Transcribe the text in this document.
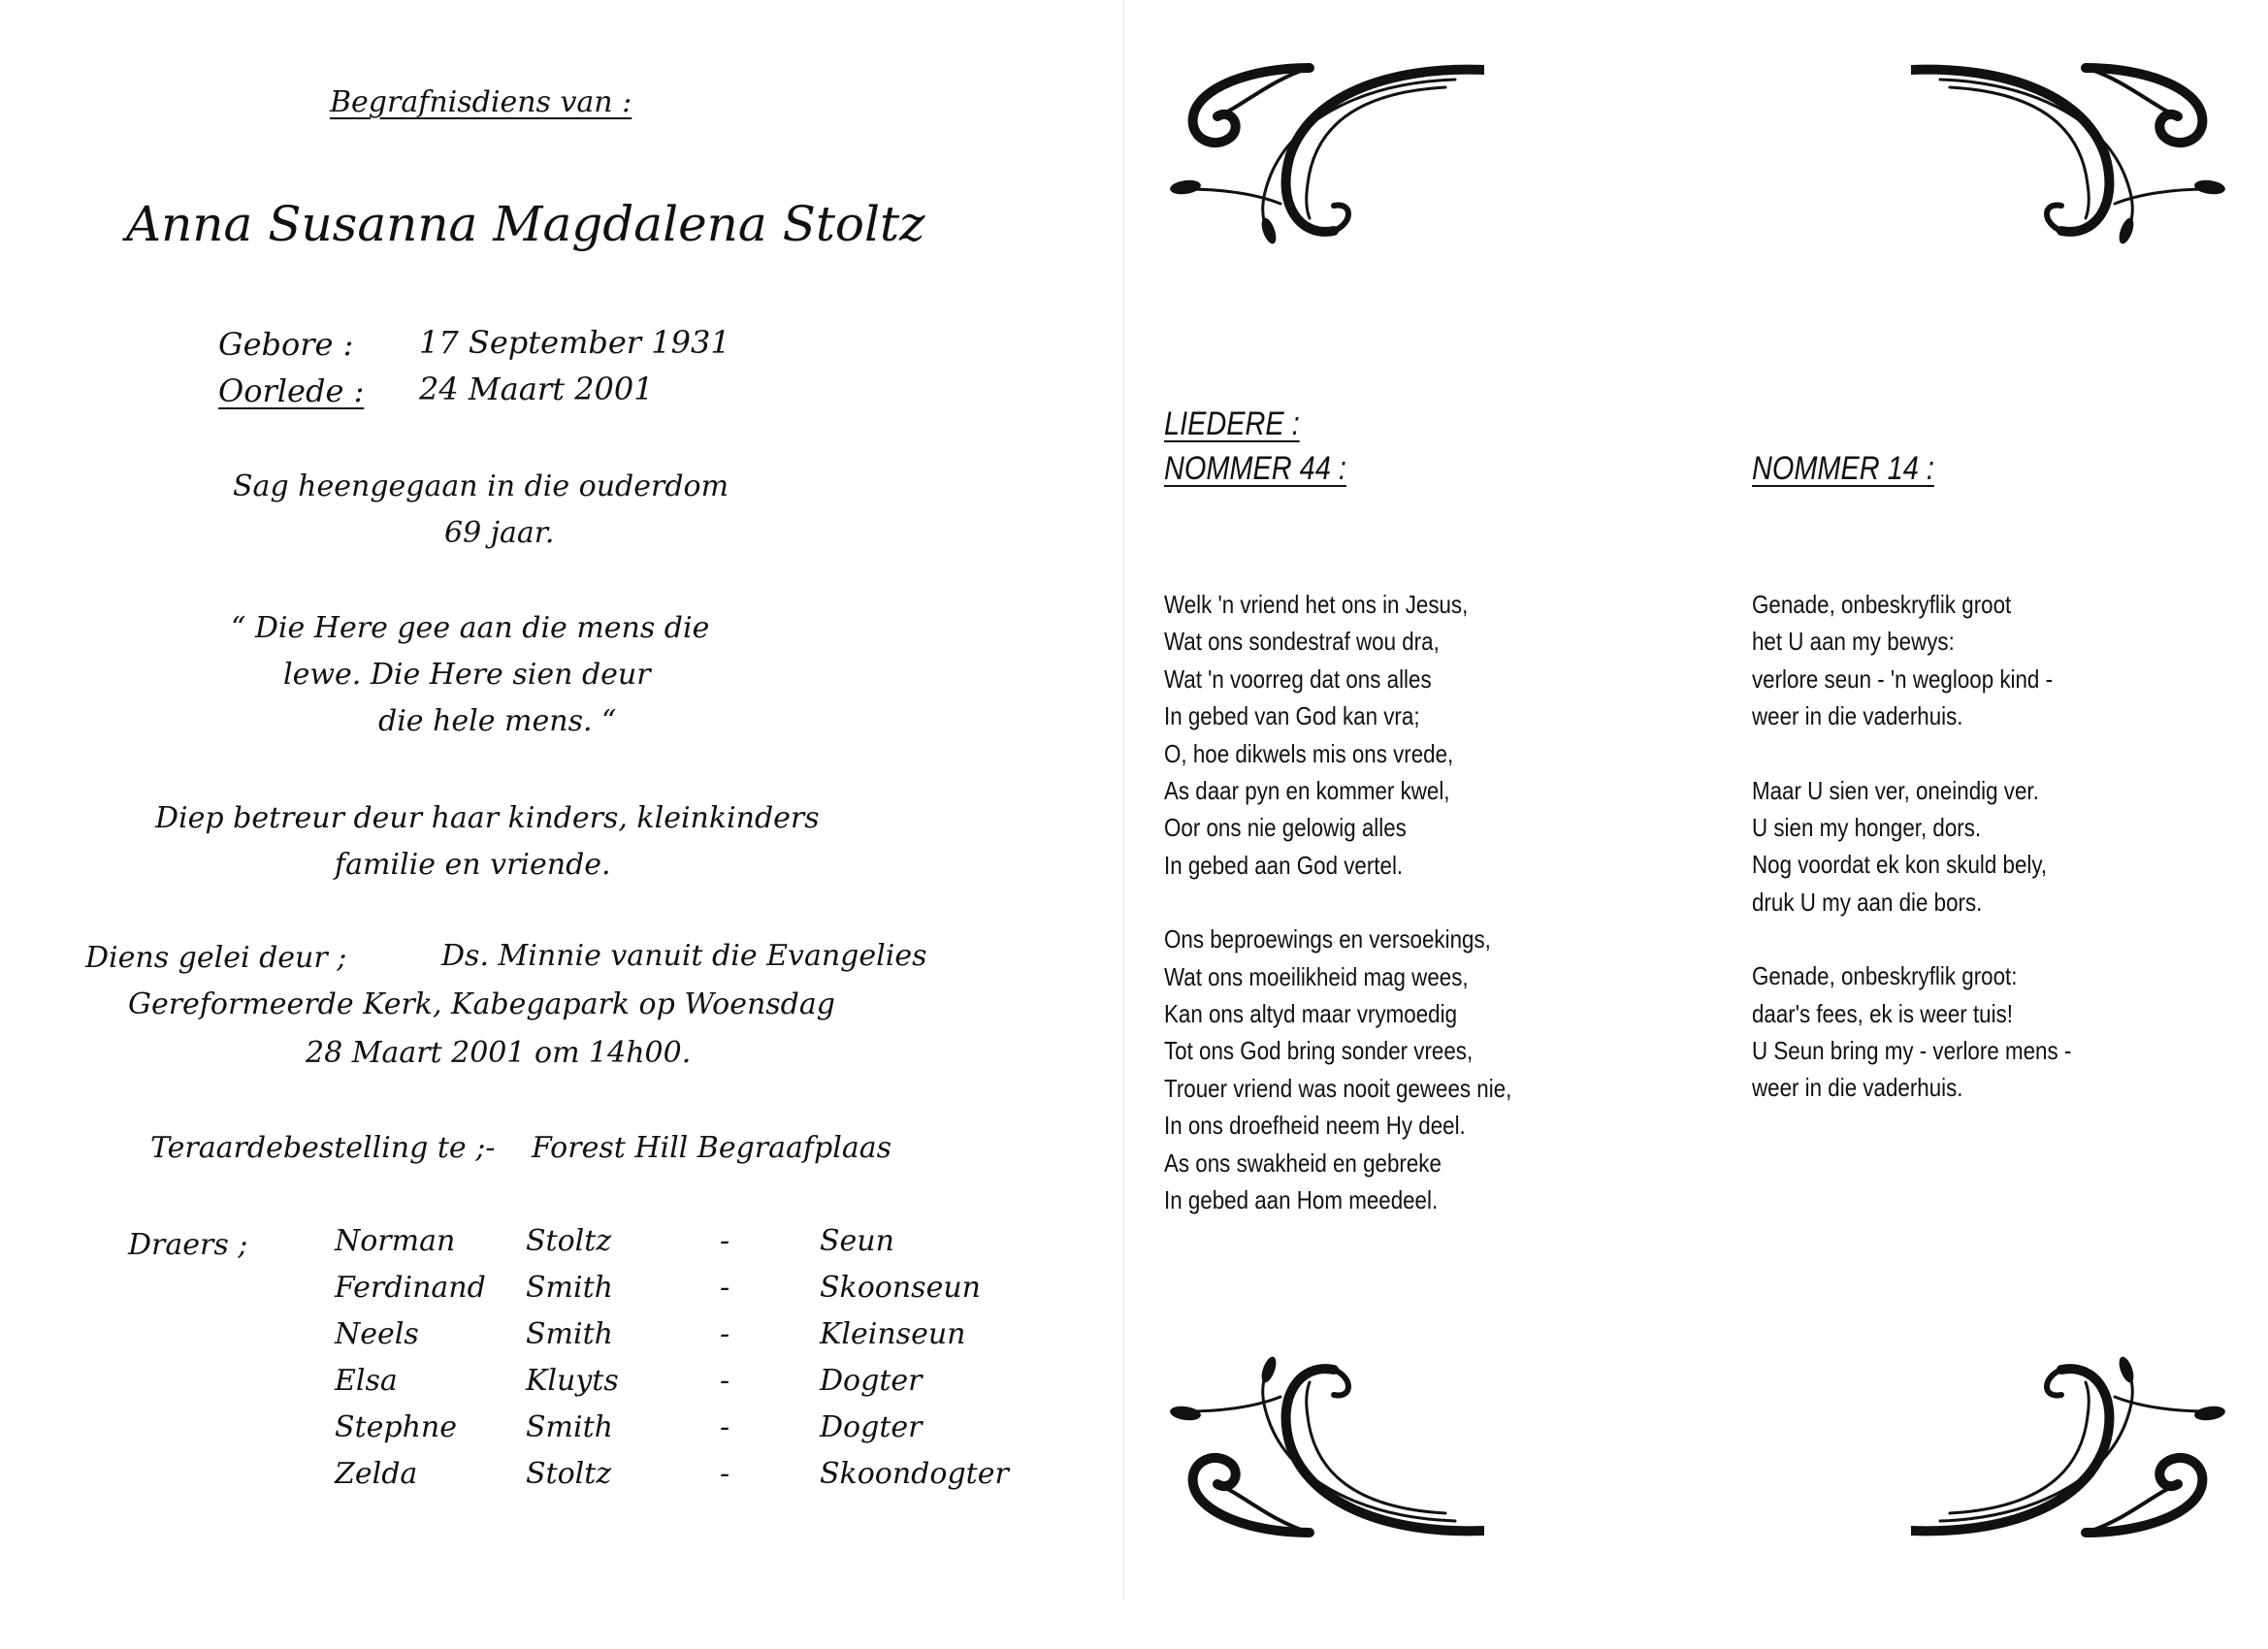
Begrafnisdiens van :
Anna Susanna Magdalena Stoltz
Gebore : 17 September 1931
Oorlede : 24 Maart 2001
Sag heengegaan in die ouderdom
69 jaar.
“ Die Here gee aan die mens die
lewe. Die Here sien deur
die hele mens. “
Diep betreur deur haar kinders, kleinkinders
familie en vriende.
Diens gelei deur ;	Ds. Minnie vanuit die Evangelies
Gereformeerde Kerk, Kabegapark op Woensdag
28 Maart 2001 om 14h00.
Teraardebestelling te ;- Forest Hill Begraafplaas
Draers ;	Norman Stoltz	-	Seun
Ferdinand Smith	-	Skoonseun
Neels	Smith	-	Kleinseun
Elsa	Kluyts	-	Dogter
Stephne Smith	-	Dogter
Zelda	Stoltz	-	Skoondogter
LIEDERE :
NOMMER 44 :	NOMMER 14 :
Welk 'n vriend het ons in Jesus,
Wat ons sondestraf wou dra,
Wat 'n voorreg dat ons alles
In gebed van God kan vra;
O, hoe dikwels mis ons vrede,
As daar pyn en kommer kwel,
Oor ons nie gelowig alles
In gebed aan God vertel.
Ons beproewings en versoekings,
Wat ons moeilikheid mag wees,
Kan ons altyd maar vrymoedig
Tot ons God bring sonder vrees,
Trouer vriend was nooit gewees nie,
In ons droefheid neem Hy deel.
As ons swakheid en gebreke
In gebed aan Hom meedeel.
Genade, onbeskryflik groot
het U aan my bewys:
verlore seun - 'n wegloop kind -
weer in die vaderhuis.
Maar U sien ver, oneindig ver.
U sien my honger, dors.
Nog voordat ek kon skuld bely,
druk U my aan die bors.
Genade, onbeskryflik groot:
daar's fees, ek is weer tuis!
U Seun bring my - verlore mens -
weer in die vaderhuis.
